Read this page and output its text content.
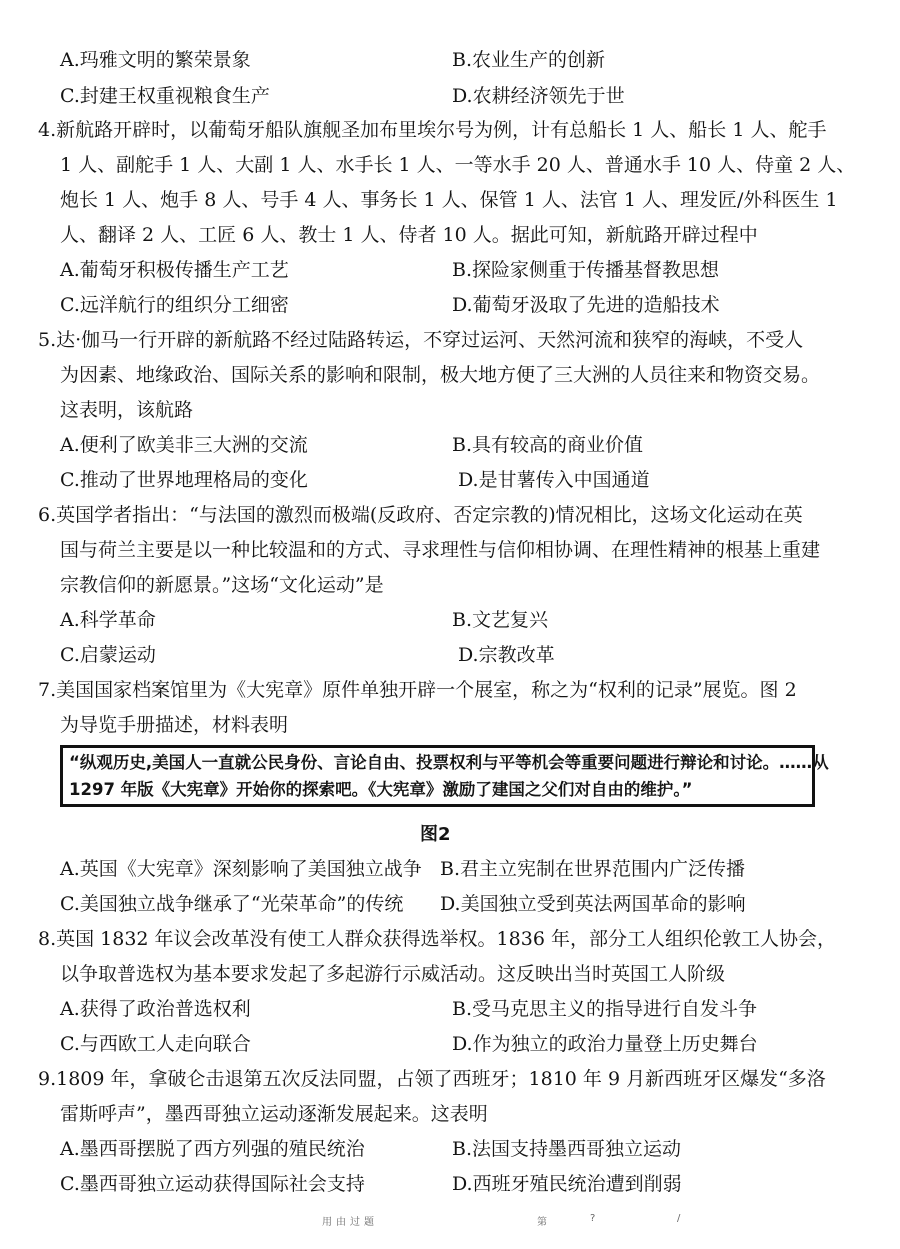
A.玛雅文明的繁荣景象	B.农业生产的创新
C.封建王权重视粮食生产	D.农耕经济领先于世
4.新航路开辟时，以葡萄牙船队旗舰圣加布里埃尔号为例，计有总船长 1 人、船长 1 人、舵手
1 人、副舵手 1 人、大副 1 人、水手长 1 人、一等水手 20 人、普通水手 10 人、侍童 2 人、
炮长 1 人、炮手 8 人、号手 4 人、事务长 1 人、保管 1 人、法官 1 人、理发匠/外科医生 1
人、翻译 2 人、工匠 6 人、教士 1 人、侍者 10 人。据此可知，新航路开辟过程中
A.葡萄牙积极传播生产工艺	B.探险家侧重于传播基督教思想
C.远洋航行的组织分工细密	D.葡萄牙汲取了先进的造船技术
5.达·伽马一行开辟的新航路不经过陆路转运，不穿过运河、天然河流和狭窄的海峡，不受人
为因素、地缘政治、国际关系的影响和限制，极大地方便了三大洲的人员往来和物资交易。
这表明，该航路
A.便利了欧美非三大洲的交流	B.具有较高的商业价值
C.推动了世界地理格局的变化	D.是甘薯传入中国通道
6.英国学者指出：“与法国的激烈而极端(反政府、否定宗教的)情况相比，这场文化运动在英
国与荷兰主要是以一种比较温和的方式、寻求理性与信仰相协调、在理性精神的根基上重建
宗教信仰的新愿景。”这场“文化运动”是
A.科学革命	B.文艺复兴
C.启蒙运动	D.宗教改革
7.美国国家档案馆里为《大宪章》原件单独开辟一个展室，称之为“权利的记录”展览。图 2
为导览手册描述，材料表明
“纵观历史,美国人一直就公民身份、言论自由、投票权利与平等机会等重要问题进行辩论和讨论。……从
1297 年版《大宪章》开始你的探索吧。《大宪章》激励了建国之父们对自由的维护。”
图2
A.英国《大宪章》深刻影响了美国独立战争 B.君主立宪制在世界范围内广泛传播
C.美国独立战争继承了“光荣革命”的传统 D.美国独立受到英法两国革命的影响
8.英国 1832 年议会改革没有使工人群众获得选举权。1836 年，部分工人组织伦敦工人协会，
以争取普选权为基本要求发起了多起游行示威活动。这反映出当时英国工人阶级
A.获得了政治普选权利	B.受马克思主义的指导进行自发斗争
C.与西欧工人走向联合	D.作为独立的政治力量登上历史舞台
9.1809 年，拿破仑击退第五次反法同盟，占领了西班牙；1810 年 9 月新西班牙区爆发“多洛
雷斯呼声”，墨西哥独立运动逐渐发展起来。这表明
A.墨西哥摆脱了西方列强的殖民统治	B.法国支持墨西哥独立运动
C.墨西哥独立运动获得国际社会支持	D.西班牙殖民统治遭到削弱
用由过题	第	?	/
